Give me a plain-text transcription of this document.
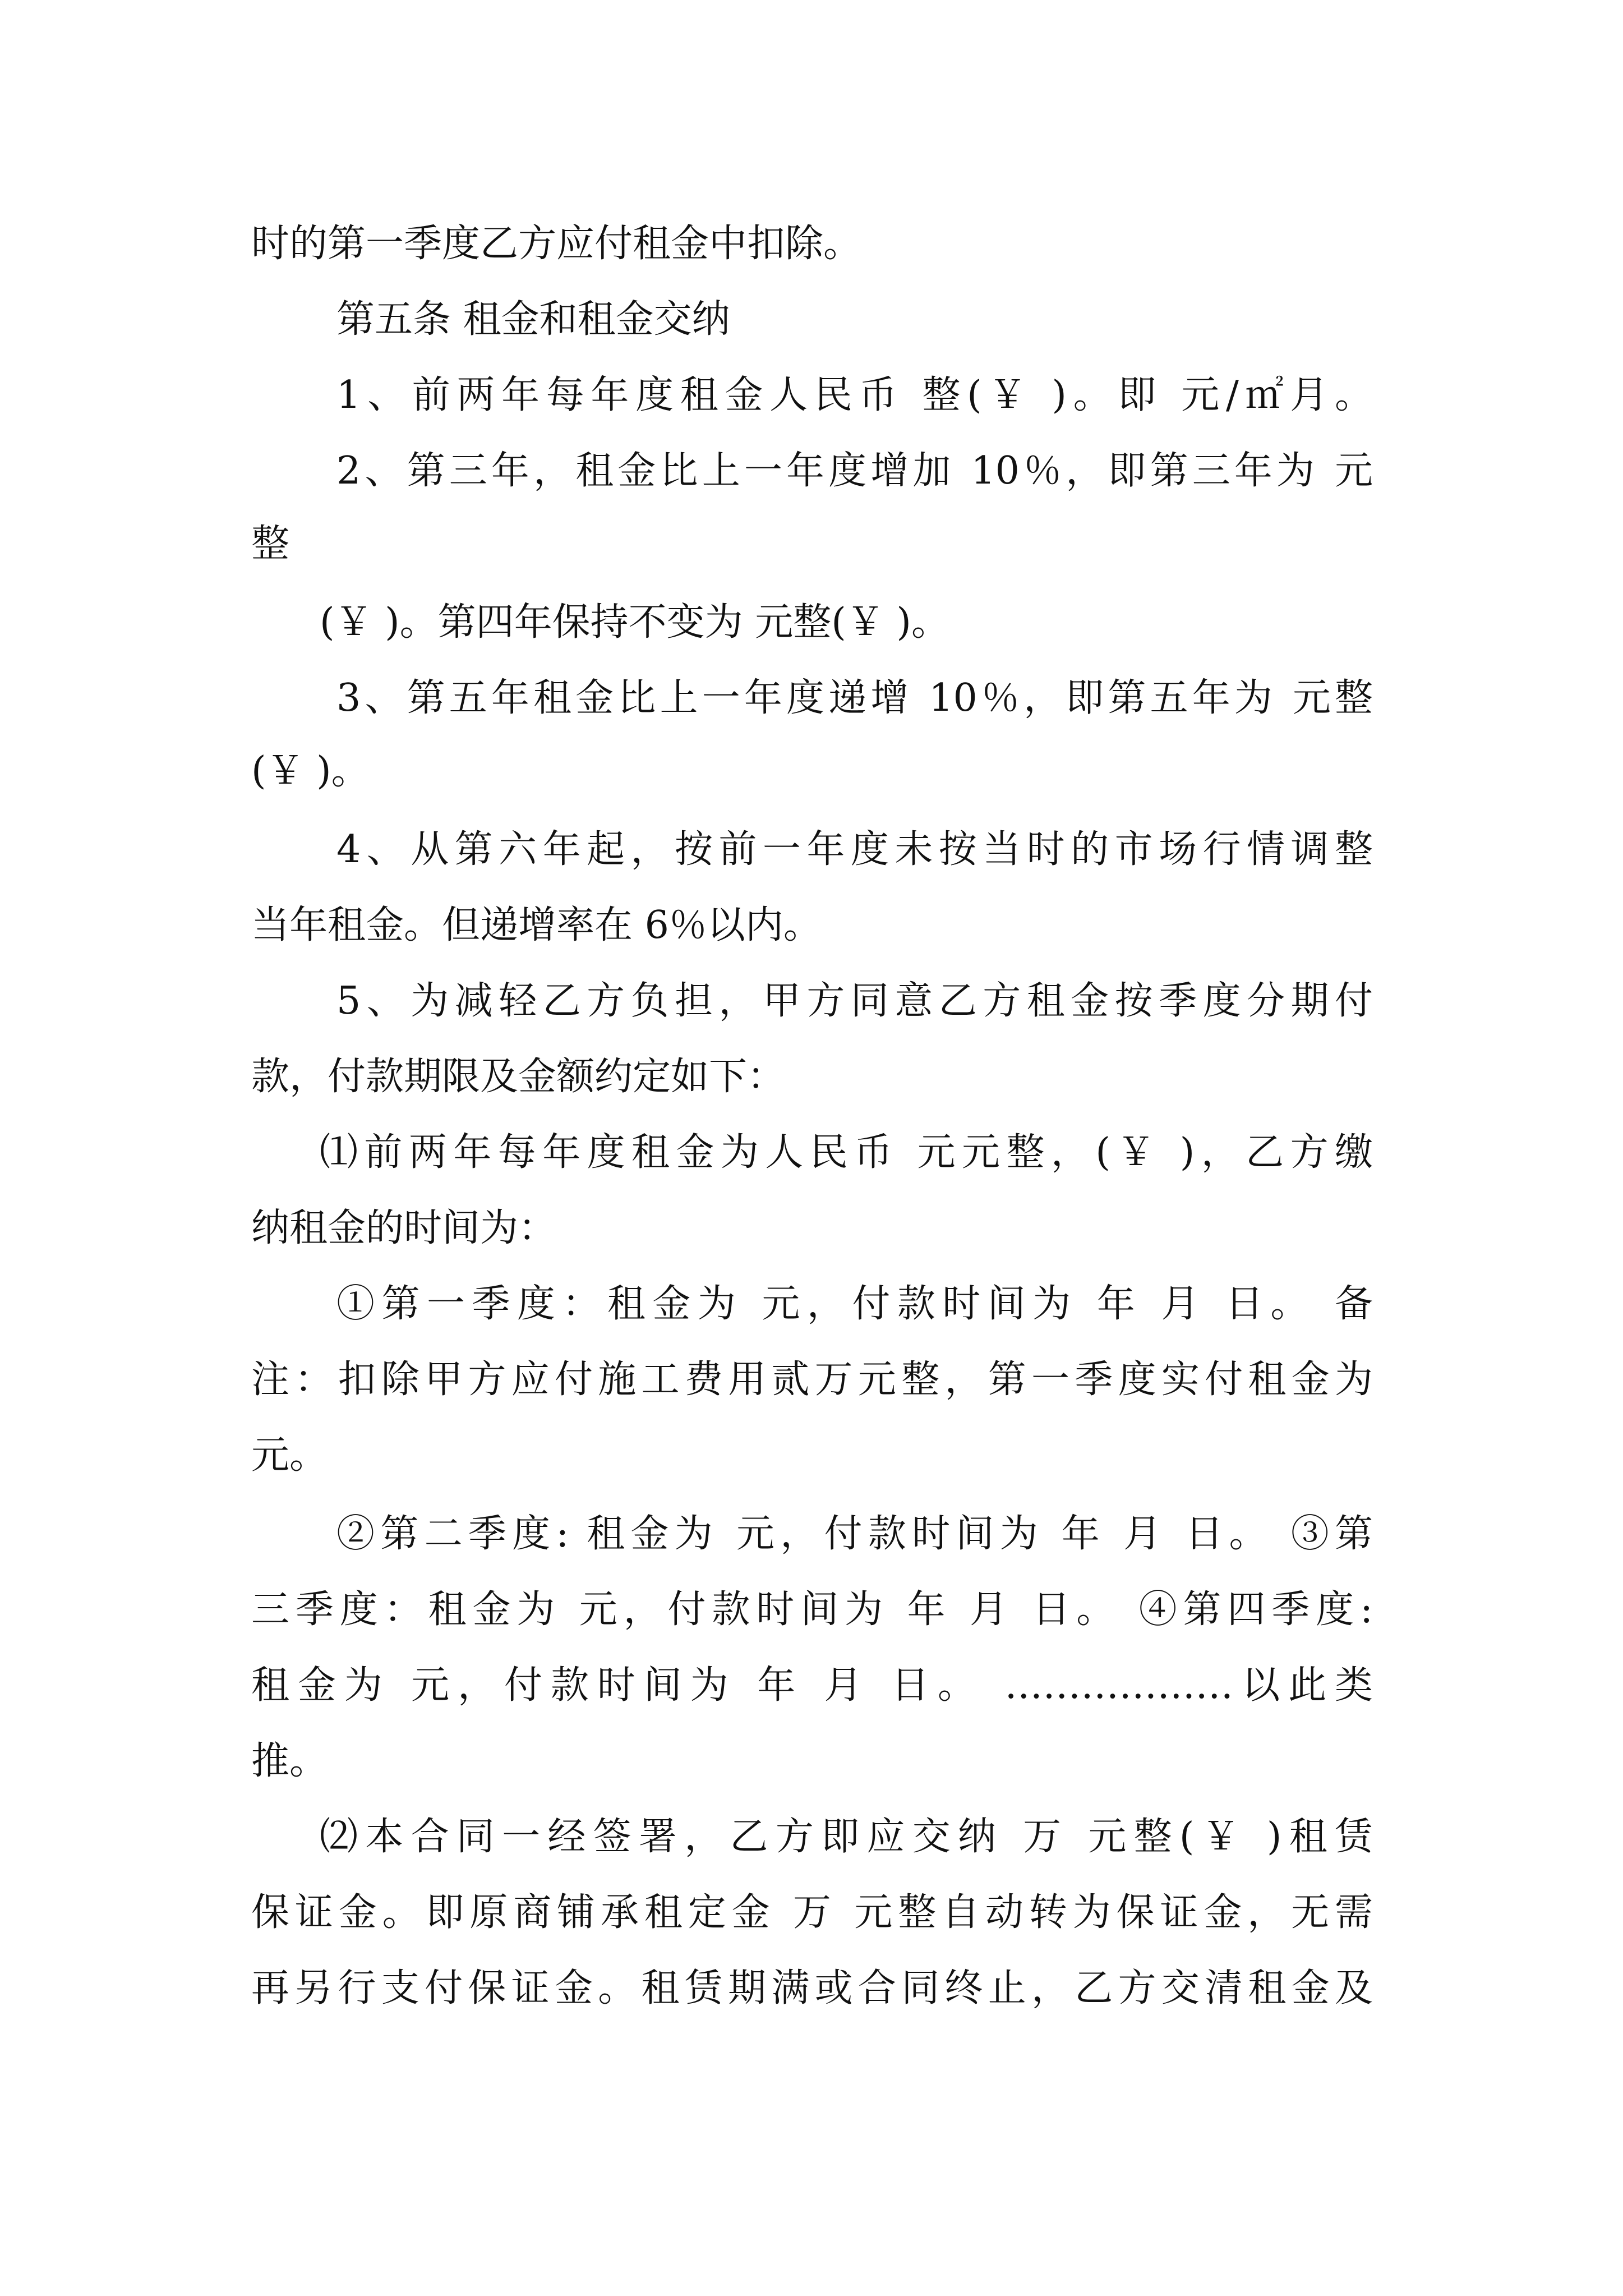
时的第一季度乙方应付租金中扣除。
第五条 租金和租金交纳
1、前两年每年度租金人民币 整(￥ )。即 元/㎡月。
2、第三年，租金比上一年度增加 10％，即第三年为 元
整
(￥ )。第四年保持不变为 元整(￥ )。
3、第五年租金比上一年度递增 10％，即第五年为 元整
(￥ )。
4、从第六年起，按前一年度未按当时的市场行情调整
当年租金。但递增率在 6％以内。
5、为减轻乙方负担，甲方同意乙方租金按季度分期付
款，付款期限及金额约定如下：
⑴前两年每年度租金为人民币 元元整，(￥ )，乙方缴
纳租金的时间为：
①第一季度：租金为 元，付款时间为 年 月 日。 备
注：扣除甲方应付施工费用贰万元整，第一季度实付租金为
元。
②第二季度: 租金为 元，付款时间为 年 月 日。 ③第
三季度：租金为 元，付款时间为 年 月 日。 ④第四季度:
租金为 元，付款时间为 年 月 日。 ………………以此类
推。
⑵本合同一经签署，乙方即应交纳 万 元整(￥ )租赁
保证金。即原商铺承租定金 万 元整自动转为保证金，无需
再另行支付保证金。租赁期满或合同终止，乙方交清租金及
